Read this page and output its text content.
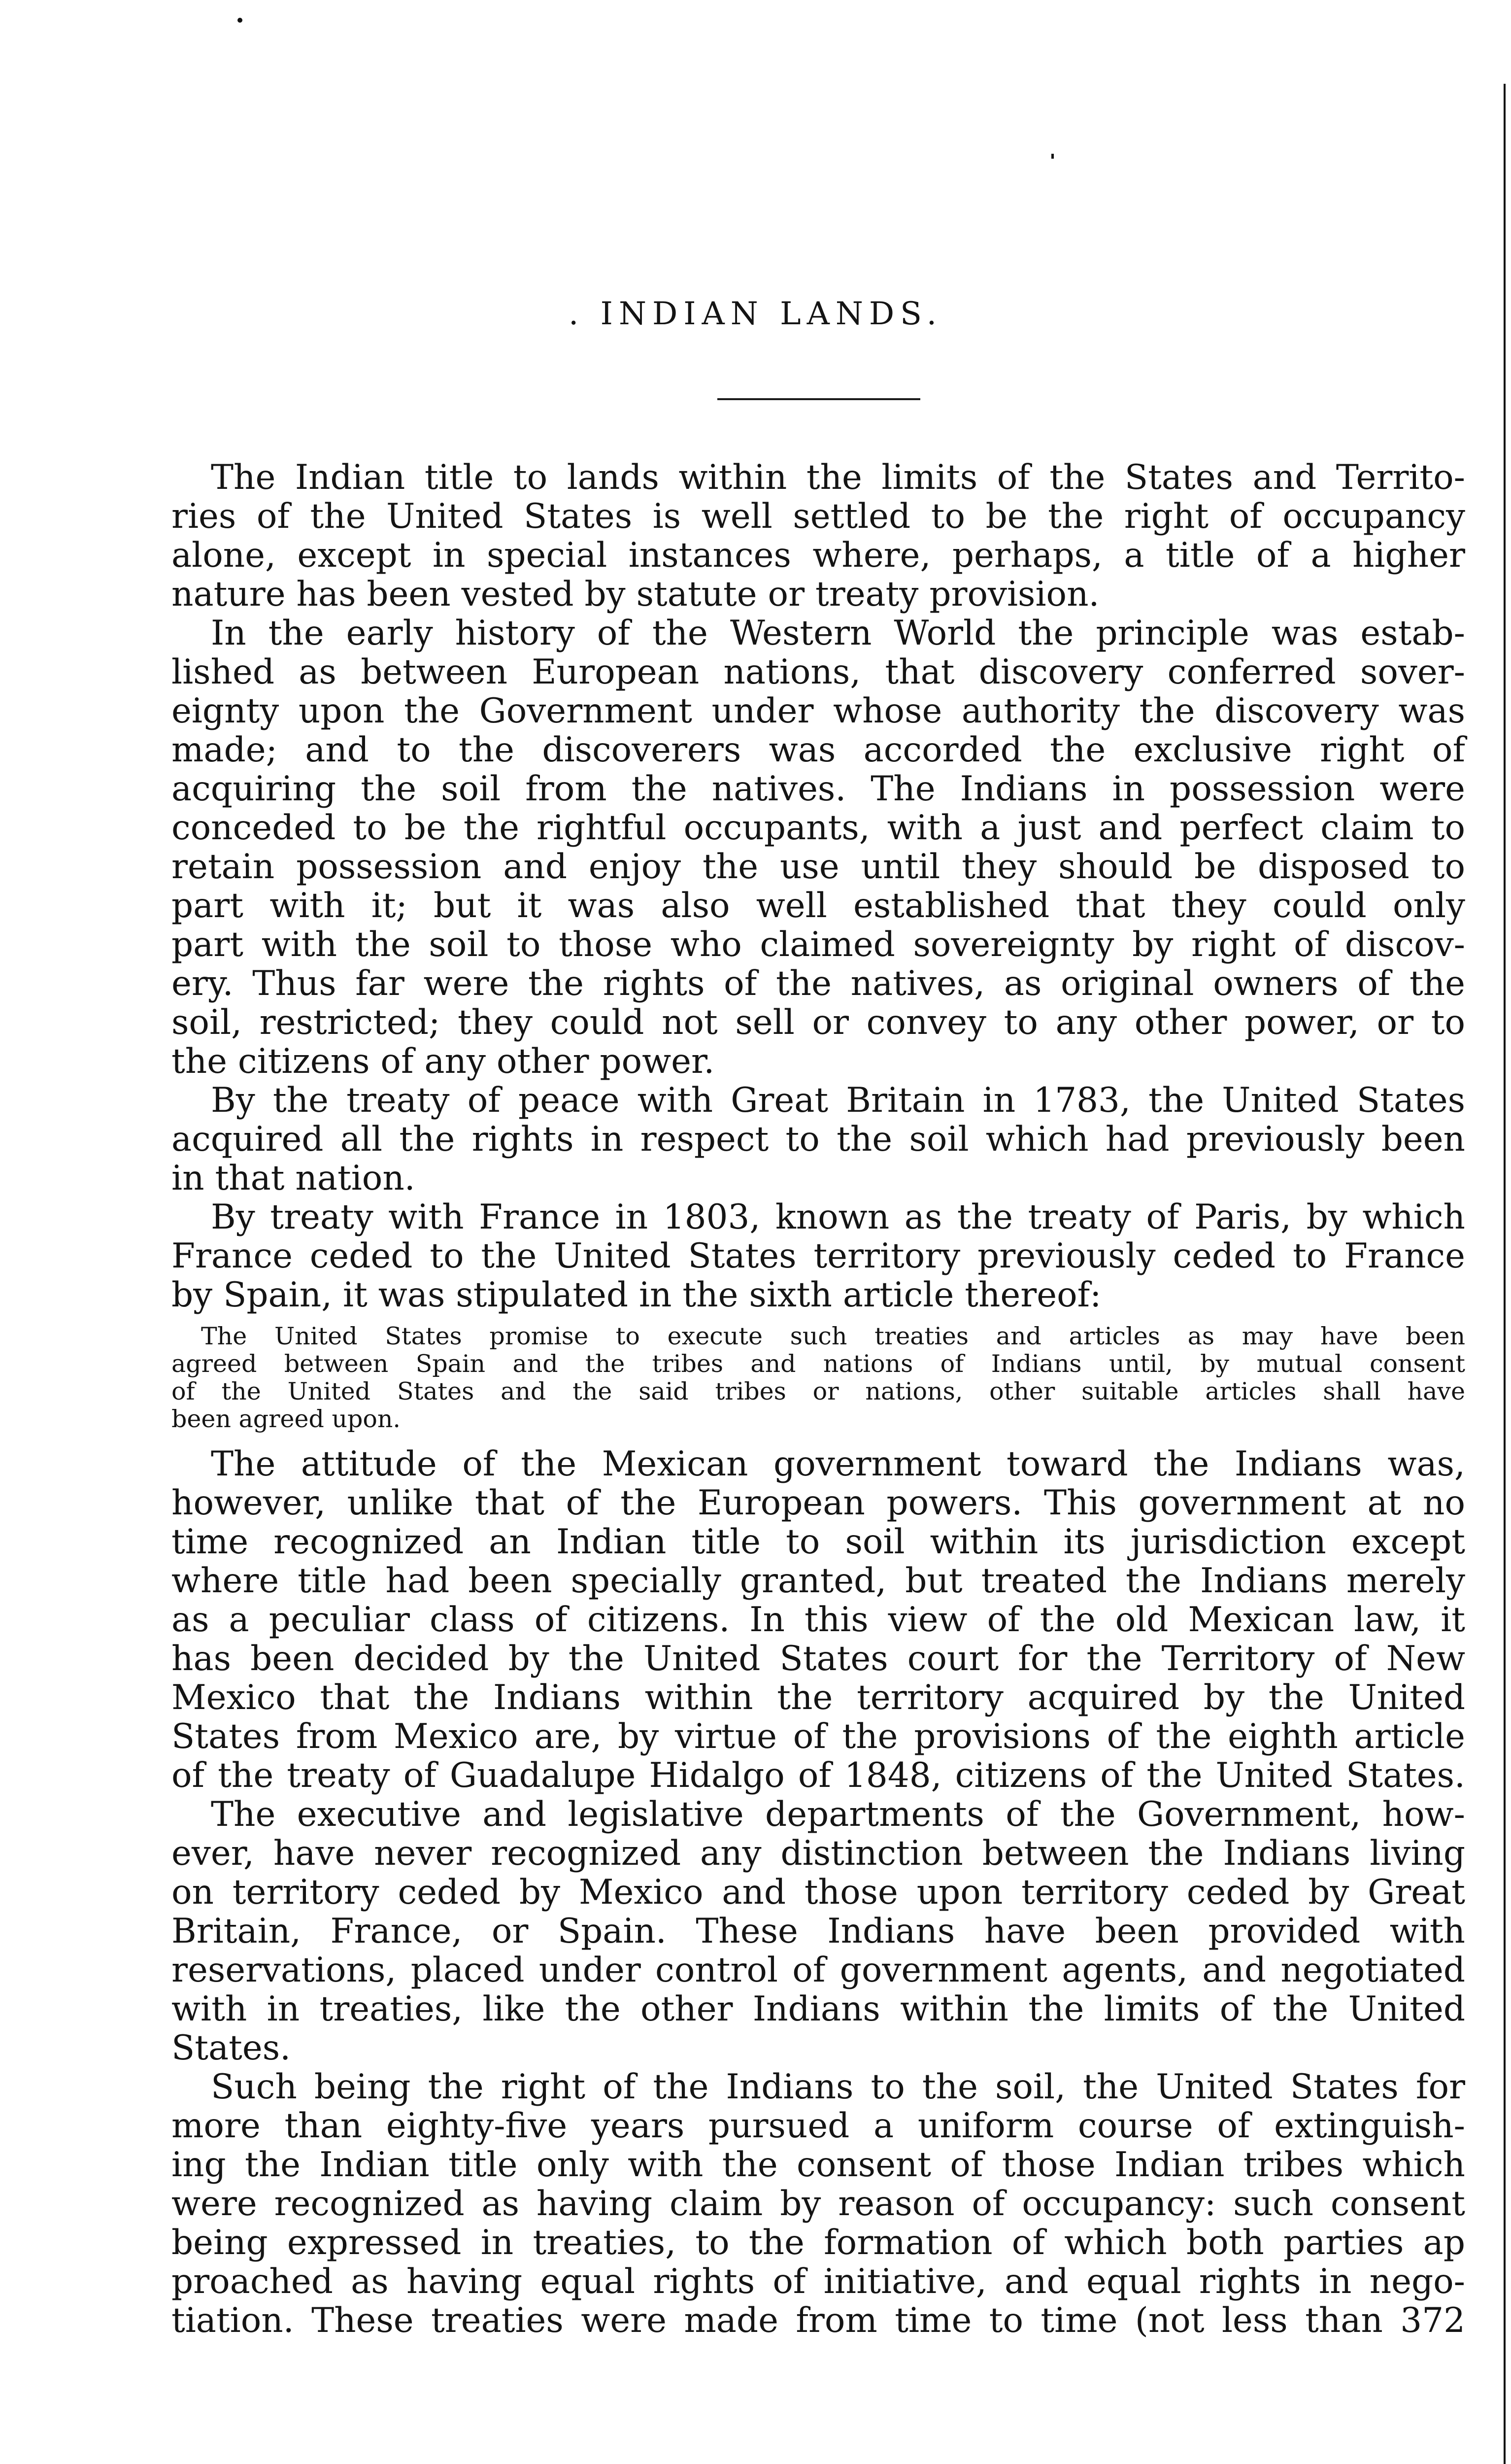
. INDIAN LANDS.
The Indian title to lands within the limits of the States and Territo-
ries of the United States is well settled to be the right of occupancy
alone, except in special instances where, perhaps, a title of a higher
nature has been vested by statute or treaty provision.
In the early history of the Western World the principle was estab-
lished as between European nations, that discovery conferred sover-
eignty upon the Government under whose authority the discovery was
made; and to the discoverers was accorded the exclusive right of
acquiring the soil from the natives. The Indians in possession were
conceded to be the rightful occupants, with a just and perfect claim to
retain possession and enjoy the use until they should be disposed to
part with it; but it was also well established that they could only
part with the soil to those who claimed sovereignty by right of discov-
ery. Thus far were the rights of the natives, as original owners of the
soil, restricted; they could not sell or convey to any other power, or to
the citizens of any other power.
By the treaty of peace with Great Britain in 1783, the United States
acquired all the rights in respect to the soil which had previously been
in that nation.
By treaty with France in 1803, known as the treaty of Paris, by which
France ceded to the United States territory previously ceded to France
by Spain, it was stipulated in the sixth article thereof:
The United States promise to execute such treaties and articles as may have been
agreed between Spain and the tribes and nations of Indians until, by mutual consent
of the United States and the said tribes or nations, other suitable articles shall have
been agreed upon.
The attitude of the Mexican government toward the Indians was,
however, unlike that of the European powers. This government at no
time recognized an Indian title to soil within its jurisdiction except
where title had been specially granted, but treated the Indians merely
as a peculiar class of citizens. In this view of the old Mexican law, it
has been decided by the United States court for the Territory of New
Mexico that the Indians within the territory acquired by the United
States from Mexico are, by virtue of the provisions of the eighth article
of the treaty of Guadalupe Hidalgo of 1848, citizens of the United States.
The executive and legislative departments of the Government, how-
ever, have never recognized any distinction between the Indians living
on territory ceded by Mexico and those upon territory ceded by Great
Britain, France, or Spain. These Indians have been provided with
reservations, placed under control of government agents, and negotiated
with in treaties, like the other Indians within the limits of the United
States.
Such being the right of the Indians to the soil, the United States for
more than eighty-five years pursued a uniform course of extinguish-
ing the Indian title only with the consent of those Indian tribes which
were recognized as having claim by reason of occupancy: such consent
being expressed in treaties, to the formation of which both parties ap
proached as having equal rights of initiative, and equal rights in nego-
tiation. These treaties were made from time to time (not less than 372
